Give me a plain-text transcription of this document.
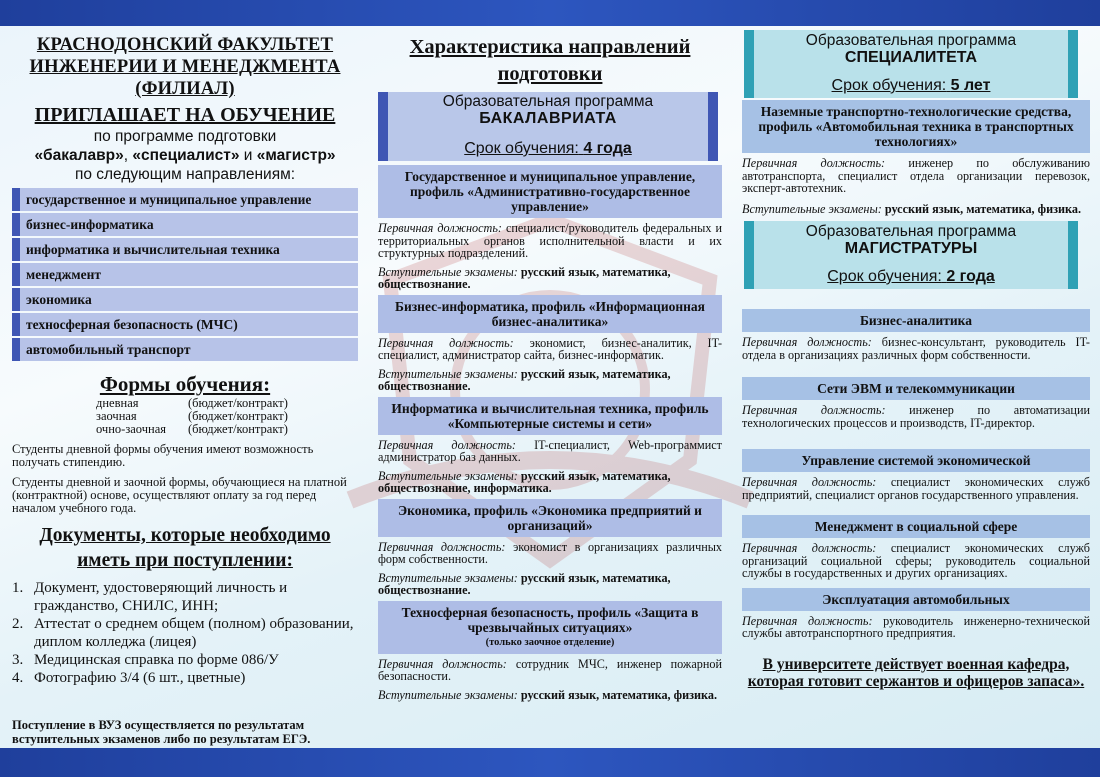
КРАСНОДОНСКИЙ ФАКУЛЬТЕТ
ИНЖЕНЕРИИ И МЕНЕДЖМЕНТА
(ФИЛИАЛ)
ПРИГЛАШАЕТ НА ОБУЧЕНИЕ
по программе подготовки
«бакалавр», «специалист» и «магистр»
по следующим направлениям:
государственное и муниципальное управление
бизнес-информатика
информатика и вычислительная техника
менеджмент
экономика
техносферная безопасность (МЧС)
автомобильный транспорт
Формы обучения:
дневная	(бюджет/контракт)
заочная	(бюджет/контракт)
очно-заочная (бюджет/контракт)
Студенты дневной формы обучения имеют возможность получать стипендию.
Студенты дневной и заочной формы, обучающиеся на платной (контрактной) основе, осуществляют оплату за год перед началом учебного года.
Документы, которые необходимо
иметь при поступлении:
1. Документ, удостоверяющий личность и гражданство, СНИЛС, ИНН;
2. Аттестат о среднем общем (полном) образовании, диплом колледжа (лицея)
3. Медицинская справка по форме 086/У
4. Фотографию 3/4 (6 шт., цветные)
Поступление в ВУЗ осуществляется по результатам вступительных экзаменов либо по результатам ЕГЭ.
Характеристика направлений
подготовки
Образовательная программа
БАКАЛАВРИАТА
Срок обучения: 4 года
Государственное и муниципальное управление, профиль «Административно-государственное управление»
Первичная должность: специалист/руководитель федеральных и территориальных органов исполнительной власти и их структурных подразделений.
Вступительные экзамены: русский язык, математика, обществознание.
Бизнес-информатика, профиль «Информационная бизнес-аналитика»
Первичная должность: экономист, бизнес-аналитик, IT-специалист, администратор сайта, бизнес-информатик.
Вступительные экзамены: русский язык, математика, обществознание.
Информатика и вычислительная техника, профиль «Компьютерные системы и сети»
Первичная должность: IT-специалист, Web-программист администратор баз данных.
Вступительные экзамены: русский язык, математика, обществознание, информатика.
Экономика, профиль «Экономика предприятий и организаций»
Первичная должность: экономист в организациях различных форм собственности.
Вступительные экзамены: русский язык, математика, обществознание.
Техносферная безопасность, профиль «Защита в чрезвычайных ситуациях»
(только заочное отделение)
Первичная должность: сотрудник МЧС, инженер пожарной безопасности.
Вступительные экзамены: русский язык, математика, физика.
Образовательная программа
СПЕЦИАЛИТЕТА
Срок обучения: 5 лет
Наземные транспортно-технологические средства, профиль «Автомобильная техника в транспортных технологиях»
Первичная должность: инженер по обслуживанию автотранспорта, специалист отдела организации перевозок, эксперт-автотехник.
Вступительные экзамены: русский язык, математика, физика.
Образовательная программа
МАГИСТРАТУРЫ
Срок обучения: 2 года
Бизнес-аналитика
Первичная должность: бизнес-консультант, руководитель IT-отдела в организациях различных форм собственности.
Сети ЭВМ и телекоммуникации
Первичная должность: инженер по автоматизации технологических процессов и производств, IT-директор.
Управление системой экономической
Первичная должность: специалист экономических служб предприятий, специалист органов государственного управления.
Менеджмент в социальной сфере
Первичная должность: специалист экономических служб организаций социальной сферы; руководитель социальной службы в государственных и других организациях.
Эксплуатация автомобильных
Первичная должность: руководитель инженерно-технической службы автотранспортного предприятия.
В университете действует военная кафедра,
которая готовит сержантов и офицеров запаса».
